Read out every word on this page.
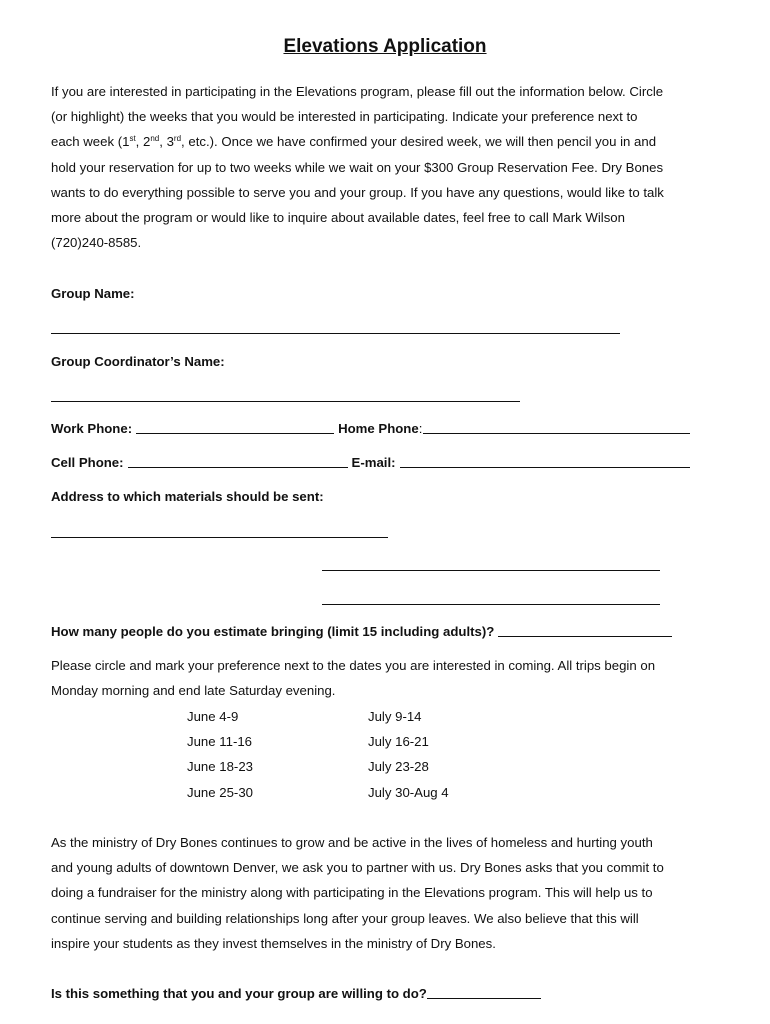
Elevations Application

If you are interested in participating in the Elevations program, please fill out the information below. Circle
(or highlight) the weeks that you would be interested in participating. Indicate your preference next to
each week (1st, 2nd, 3rd, etc.). Once we have confirmed your desired week, we will then pencil you in and
hold your reservation for up to two weeks while we wait on your $300 Group Reservation Fee. Dry Bones
wants to do everything possible to serve you and your group. If you have any questions, would like to talk
more about the program or would like to inquire about available dates, feel free to call Mark Wilson
(720)240-8585.

Group Name:
Group Coordinator’s Name:
Work Phone:	Home Phone :
Cell Phone:	E-mail:
Address to which materials should be sent:
How many people do you estimate bringing (limit 15 including adults)?

Please circle and mark your preference next to the dates you are interested in coming. All trips begin on
Monday morning and end late Saturday evening.

June 4-9
June 11-16
June 18-23
June 25-30
July 9-14
July 16-21
July 23-28
July 30-Aug 4

As the ministry of Dry Bones continues to grow and be active in the lives of homeless and hurting youth
and young adults of downtown Denver, we ask you to partner with us. Dry Bones asks that you commit to
doing a fundraiser for the ministry along with participating in the Elevations program. This will help us to
continue serving and building relationships long after your group leaves. We also believe that this will
inspire your students as they invest themselves in the ministry of Dry Bones.

Is this something that you and your group are willing to do?
